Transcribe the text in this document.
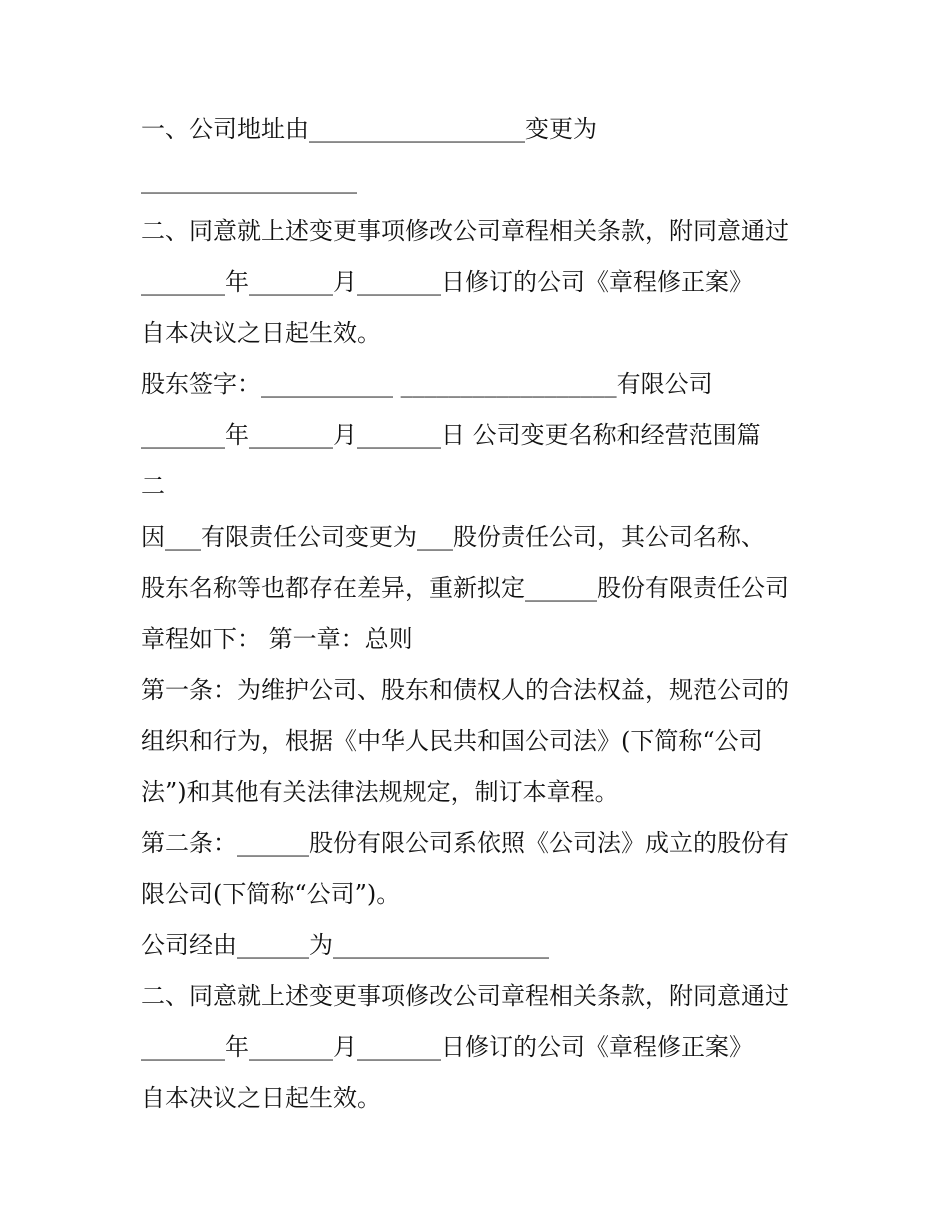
一、公司地址由__________________变更为
__________________
二、同意就上述变更事项修改公司章程相关条款，附同意通过
_______年_______月_______日修订的公司《章程修正案》
自本决议之日起生效。
股东签字：___________ __________________有限公司
_______年_______月_______日 公司变更名称和经营范围篇
二
因___有限责任公司变更为___股份责任公司，其公司名称、
股东名称等也都存在差异，重新拟定______股份有限责任公司
章程如下： 第一章：总则
第一条：为维护公司、股东和债权人的合法权益，规范公司的
组织和行为，根据《中华人民共和国公司法》(下简称“公司
法”)和其他有关法律法规规定，制订本章程。
第二条：______股份有限公司系依照《公司法》成立的股份有
限公司(下简称“公司”)。
公司经由______为__________________
二、同意就上述变更事项修改公司章程相关条款，附同意通过
_______年_______月_______日修订的公司《章程修正案》
自本决议之日起生效。
